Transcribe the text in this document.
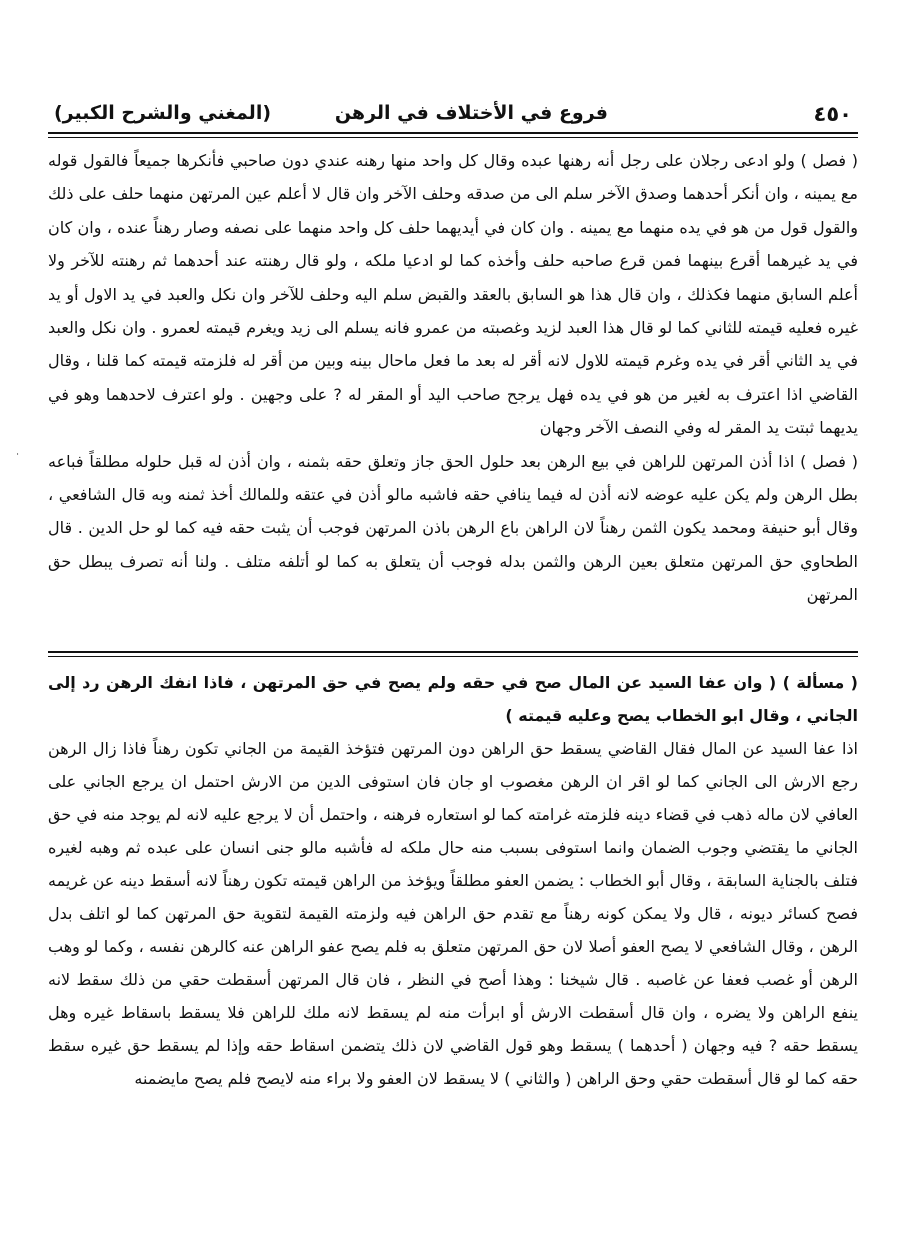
٤٥٠
فروع في الأختلاف في الرهن
(المغني والشرح الكبير)

( فصل ) ولو ادعى رجلان على رجل أنه رهنها عبده وقال كل واحد منها رهنه عندي دون صاحبي فأنكرها جميعاً فالقول قوله مع يمينه ، وان أنكر أحدهما وصدق الآخر سلم الى من صدقه وحلف الآخر وان قال لا أعلم عين المرتهن منهما حلف على ذلك والقول قول من هو في يده منهما مع يمينه . وان كان في أيديهما حلف كل واحد منهما على نصفه وصار رهناً عنده ، وان كان في يد غيرهما أقرع بينهما فمن قرع صاحبه حلف وأخذه كما لو ادعيا ملكه ، ولو قال رهنته عند أحدهما ثم رهنته للآخر ولا أعلم السابق منهما فكذلك ، وان قال هذا هو السابق بالعقد والقبض سلم اليه وحلف للآخر وان نكل والعبد في يد الاول أو يد غيره فعليه قيمته للثاني كما لو قال هذا العبد لزيد وغصبته من عمرو فانه يسلم الى زيد ويغرم قيمته لعمرو . وان نكل والعبد في يد الثاني أقر في يده وغرم قيمته للاول لانه أقر له بعد ما فعل ماحال بينه وبين من أقر له فلزمته قيمته كما قلنا ، وقال القاضي اذا اعترف به لغير من هو في يده فهل يرجح صاحب اليد أو المقر له ? على وجهين . ولو اعترف لاحدهما وهو في يديهما ثبتت يد المقر له وفي النصف الآخر وجهان

( فصل ) اذا أذن المرتهن للراهن في بيع الرهن بعد حلول الحق جاز وتعلق حقه بثمنه ، وان أذن له قبل حلوله مطلقاً فباعه بطل الرهن ولم يكن عليه عوضه لانه أذن له فيما ينافي حقه فاشبه مالو أذن في عتقه وللمالك أخذ ثمنه وبه قال الشافعي ، وقال أبو حنيفة ومحمد يكون الثمن رهناً لان الراهن باع الرهن باذن المرتهن فوجب أن يثبت حقه فيه كما لو حل الدين . قال الطحاوي حق المرتهن متعلق بعين الرهن والثمن بدله فوجب أن يتعلق به كما لو أتلفه متلف . ولنا أنه تصرف يبطل حق المرتهن

( مسألة ) ( وان عفا السيد عن المال صح في حقه ولم يصح في حق المرتهن ، فاذا انفك الرهن رد إلى الجاني ، وقال ابو الخطاب يصح وعليه قيمته )

اذا عفا السيد عن المال فقال القاضي يسقط حق الراهن دون المرتهن فتؤخذ القيمة من الجاني تكون رهناً فاذا زال الرهن رجع الارش الى الجاني كما لو اقر ان الرهن مغصوب او جان فان استوفى الدين من الارش احتمل ان يرجع الجاني على العافي لان ماله ذهب في قضاء دينه فلزمته غرامته كما لو استعاره فرهنه ، واحتمل أن لا يرجع عليه لانه لم يوجد منه في حق الجاني ما يقتضي وجوب الضمان وانما استوفى بسبب منه حال ملكه له فأشبه مالو جنى انسان على عبده ثم وهبه لغيره فتلف بالجناية السابقة ، وقال أبو الخطاب : يضمن العفو مطلقاً ويؤخذ من الراهن قيمته تكون رهناً لانه أسقط دينه عن غريمه فصح كسائر ديونه ، قال ولا يمكن كونه رهناً مع تقدم حق الراهن فيه ولزمته القيمة لتقوية حق المرتهن كما لو اتلف بدل الرهن ، وقال الشافعي لا يصح العفو أصلا لان حق المرتهن متعلق به فلم يصح عفو الراهن عنه كالرهن نفسه ، وكما لو وهب الرهن أو غصب فعفا عن غاصبه . قال شيخنا : وهذا أصح في النظر ، فان قال المرتهن أسقطت حقي من ذلك سقط لانه ينفع الراهن ولا يضره ، وان قال أسقطت الارش أو ابرأت منه لم يسقط لانه ملك للراهن فلا يسقط باسقاط غيره وهل يسقط حقه ? فيه وجهان ( أحدهما ) يسقط وهو قول القاضي لان ذلك يتضمن اسقاط حقه وإذا لم يسقط حق غيره سقط حقه كما لو قال أسقطت حقي وحق الراهن ( والثاني ) لا يسقط لان العفو ولا براء منه لايصح فلم يصح مايضمنه
